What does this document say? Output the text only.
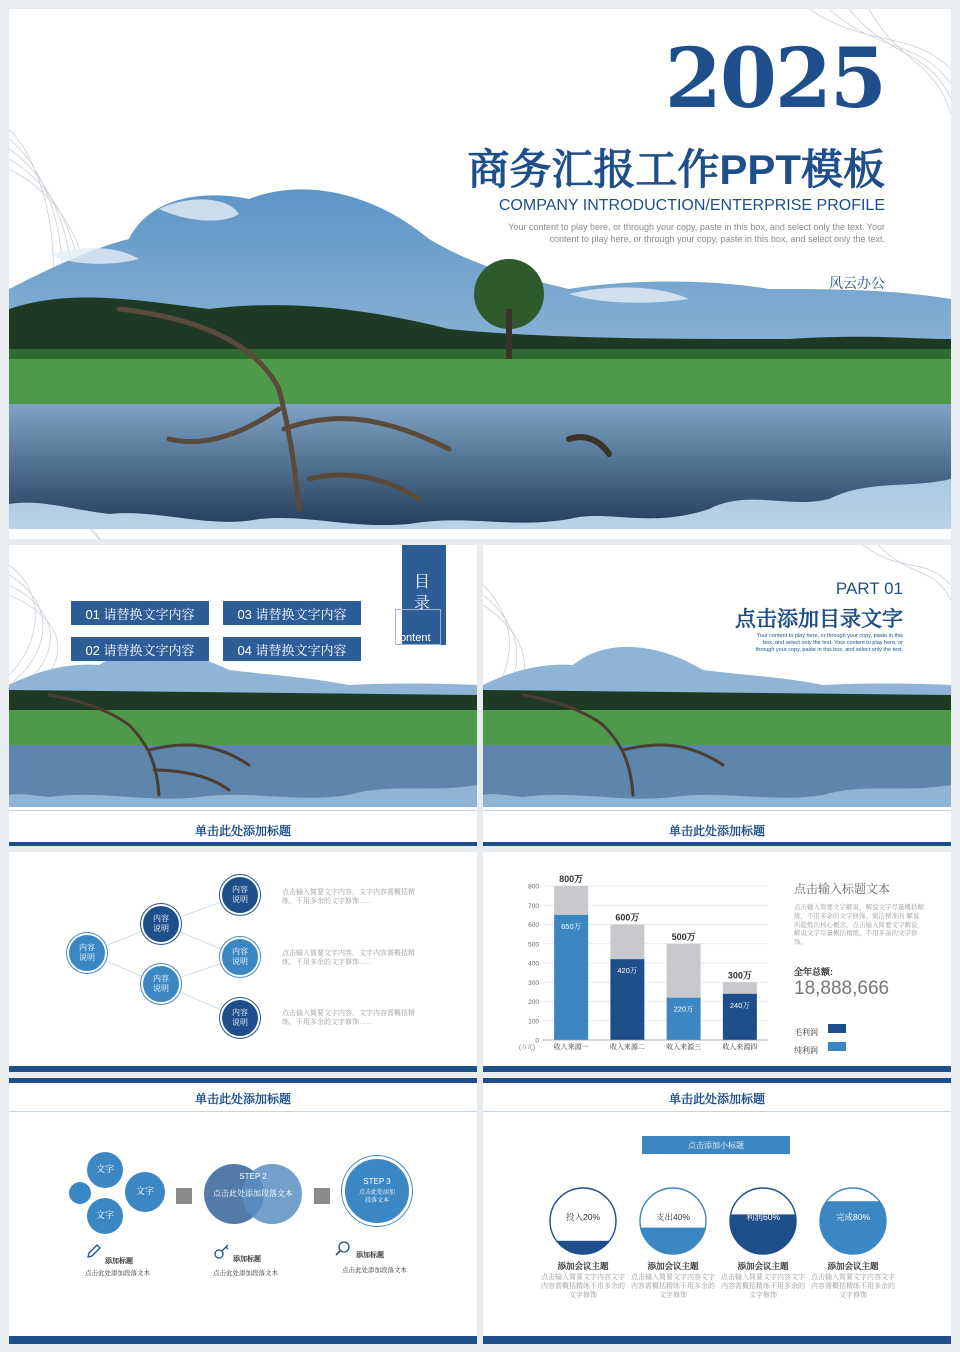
2025
商务汇报工作PPT模板
COMPANY INTRODUCTION/ENTERPRISE PROFILE
Your content to play here, or through your copy, paste in this box, and select only the text. Your content to play here, or through your copy, paste in this box, and select only the text.
风云办公
01 请替换文字内容	03 请替换文字内容
02 请替换文字内容	04 请替换文字内容
目录
Content
单击此处添加标题
PART 01
点击添加目录文字
Your content to play here, or through your copy, paste in this box, and select only the text. Your content to play here, or through your copy, paste in this box, and select only the text.
单击此处添加标题
内容
说明
内容
说明
内容
说明
内容
说明
内容
说明
内容
说明
点击输入简要文字内容，文字内容需概括精练，不用多余的文字修饰……
点击输入简要文字内容，文字内容需概括精练，不用多余的文字修饰……
点击输入简要文字内容，文字内容需概括精练，不用多余的文字修饰……
0
100
200
300
400
500
600
700
800
(万元)
800万
650万
收入来源一
600万
420万
收入来源二
500万
220万
收入来源三
300万
240万
收入来源四
点击输入标题文本
点击输入简要文字解说，解说文字尽量概括精练，不用多余的文字修饰。简洁精准的 解说所提炼的核心概念。点击输入简要文字解说，解说文字尽量概括精练，不用多余的文字修饰。
全年总额:
18,888,666
毛利润
纯利润
单击此处添加标题	单击此处添加标题
文字
文字
文字
STEP 2
点击此处添加段落文本
STEP 3
点击此处添加段落文本
添加标题
点击此处添加段落文本
添加标题
点击此处添加段落文本
添加标题
点击此处添加段落文本
点击添加小标题
投入20%
添加会议主题
点击输入简要文字内容文字内容需概括精练不用多余的文字修饰
支出40%
添加会议主题
点击输入简要文字内容文字内容需概括精练不用多余的文字修饰
利润60%
添加会议主题
点击输入简要文字内容文字内容需概括精练不用多余的文字修饰
完成80%
添加会议主题
点击输入简要文字内容文字内容需概括精练不用多余的文字修饰
